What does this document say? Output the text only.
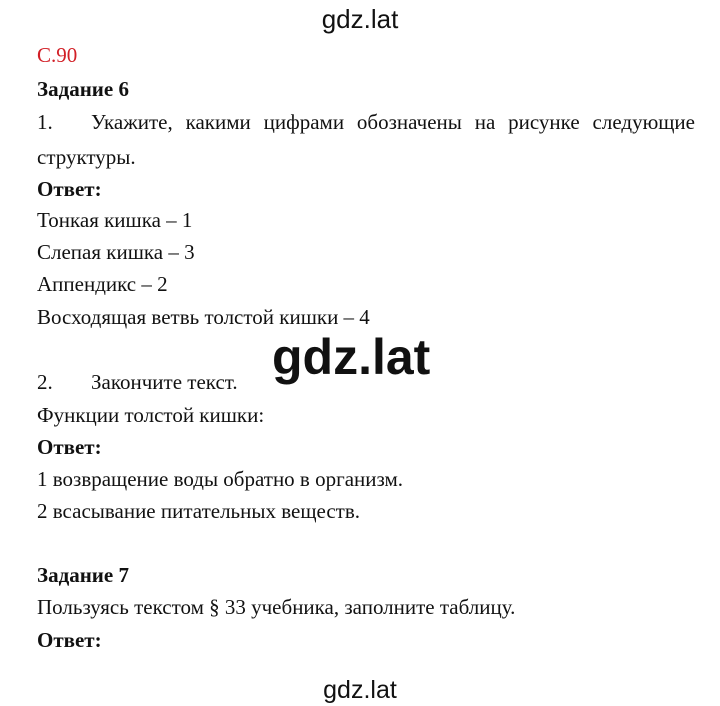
gdz.lat
С.90
Задание 6
1. Укажите, какими цифрами обозначены на рисунке следующие
структуры.
Ответ:
Тонкая кишка – 1
Слепая кишка – 3
Аппендикс – 2
Восходящая ветвь толстой кишки – 4
2. Закончите текст.
Функции толстой кишки:
Ответ:
1 возвращение воды обратно в организм.
2 всасывание питательных веществ.
Задание 7
Пользуясь текстом § 33 учебника, заполните таблицу.
Ответ:
gdz.lat
gdz.lat
